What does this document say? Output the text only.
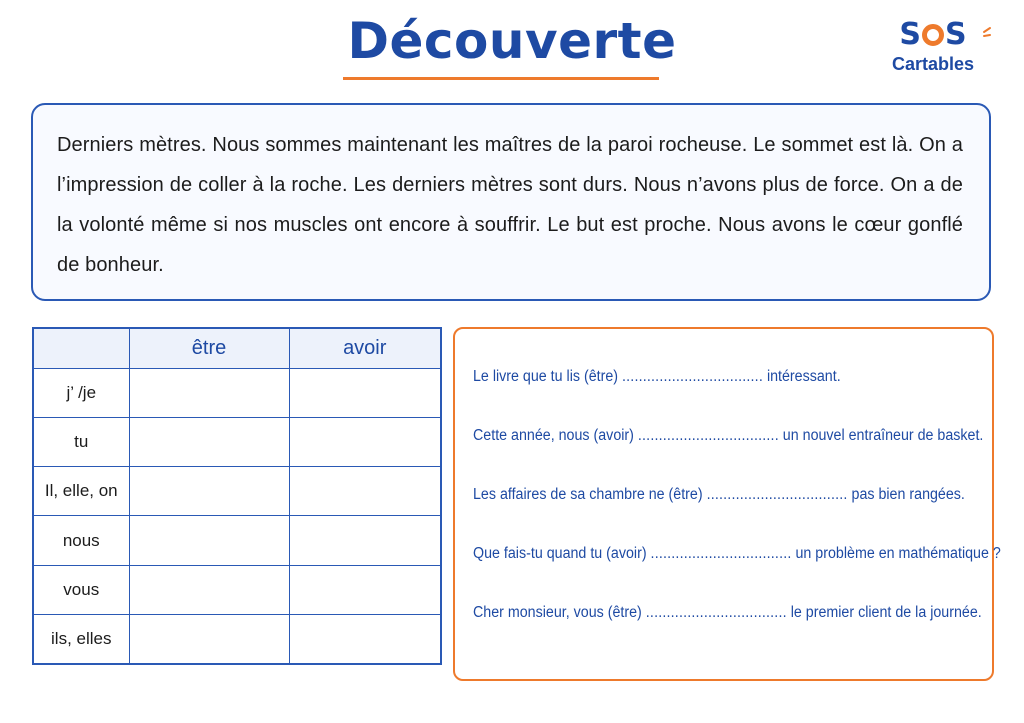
Découverte	S S
Cartables

Derniers mètres. Nous sommes maintenant les maîtres de la paroi rocheuse. Le sommet est là. On a l’impression de coller à la roche. Les derniers mètres sont durs. Nous n’avons plus de force. On a de la volonté même si nos muscles ont encore à souffrir. Le but est proche. Nous avons le cœur gonflé de bonheur.

	être	avoir
j’ /je		
tu		
Il, elle, on		
nous		
vous		
ils, elles		
Le livre que tu lis (être) .................................. intéressant.
Cette année, nous (avoir) .................................. un nouvel entraîneur de basket.
Les affaires de sa chambre ne (être) .................................. pas bien rangées.
Que fais-tu quand tu (avoir) .................................. un problème en mathématique ?
Cher monsieur, vous (être) .................................. le premier client de la journée.
